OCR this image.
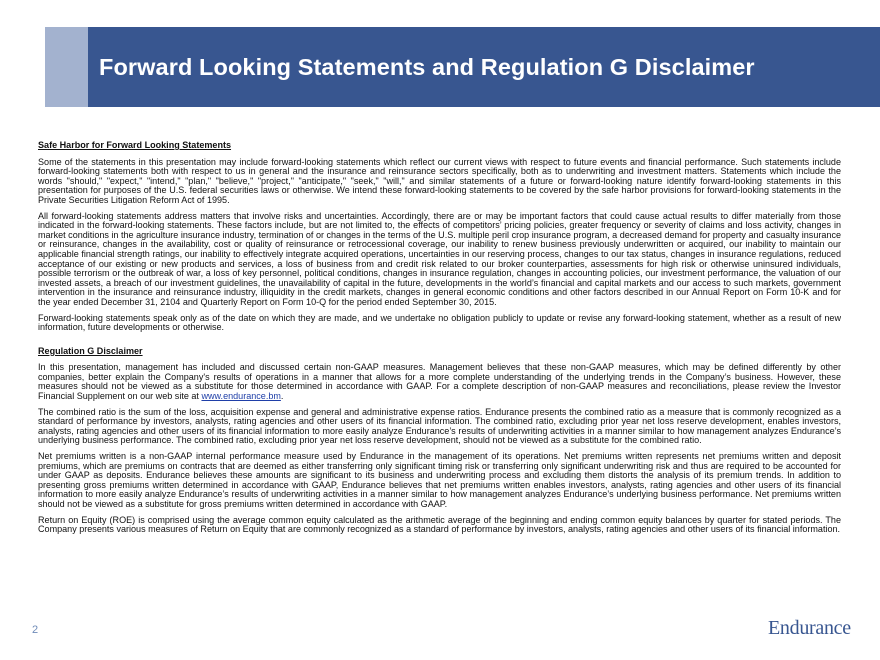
Forward Looking Statements and Regulation G Disclaimer
Safe Harbor for Forward Looking Statements

Some of the statements in this presentation may include forward-looking statements which reflect our current views with respect to future events and financial performance. Such statements include forward-looking statements both with respect to us in general and the insurance and reinsurance sectors specifically, both as to underwriting and investment matters. Statements which include the words "should," "expect," "intend," "plan," "believe," "project," "anticipate," "seek," "will," and similar statements of a future or forward-looking nature identify forward-looking statements in this presentation for purposes of the U.S. federal securities laws or otherwise. We intend these forward-looking statements to be covered by the safe harbor provisions for forward-looking statements in the Private Securities Litigation Reform Act of 1995.

All forward-looking statements address matters that involve risks and uncertainties. Accordingly, there are or may be important factors that could cause actual results to differ materially from those indicated in the forward-looking statements. These factors include, but are not limited to, the effects of competitors’ pricing policies, greater frequency or severity of claims and loss activity, changes in market conditions in the agriculture insurance industry, termination of or changes in the terms of the U.S. multiple peril crop insurance program, a decreased demand for property and casualty insurance or reinsurance, changes in the availability, cost or quality of reinsurance or retrocessional coverage, our inability to renew business previously underwritten or acquired, our inability to maintain our applicable financial strength ratings, our inability to effectively integrate acquired operations, uncertainties in our reserving process, changes to our tax status, changes in insurance regulations, reduced acceptance of our existing or new products and services, a loss of business from and credit risk related to our broker counterparties, assessments for high risk or otherwise uninsured individuals, possible terrorism or the outbreak of war, a loss of key personnel, political conditions, changes in insurance regulation, changes in accounting policies, our investment performance, the valuation of our invested assets, a breach of our investment guidelines, the unavailability of capital in the future, developments in the world’s financial and capital markets and our access to such markets, government intervention in the insurance and reinsurance industry, illiquidity in the credit markets, changes in general economic conditions and other factors described in our Annual Report on Form 10-K and for the year ended December 31, 2104 and Quarterly Report on Form 10-Q for the period ended September 30, 2015.

Forward-looking statements speak only as of the date on which they are made, and we undertake no obligation publicly to update or revise any forward-looking statement, whether as a result of new information, future developments or otherwise.

Regulation G Disclaimer

In this presentation, management has included and discussed certain non-GAAP measures. Management believes that these non-GAAP measures, which may be defined differently by other companies, better explain the Company's results of operations in a manner that allows for a more complete understanding of the underlying trends in the Company’s business. However, these measures should not be viewed as a substitute for those determined in accordance with GAAP. For a complete description of non-GAAP measures and reconciliations, please review the Investor Financial Supplement on our web site at www.endurance.bm.

The combined ratio is the sum of the loss, acquisition expense and general and administrative expense ratios. Endurance presents the combined ratio as a measure that is commonly recognized as a standard of performance by investors, analysts, rating agencies and other users of its financial information. The combined ratio, excluding prior year net loss reserve development, enables investors, analysts, rating agencies and other users of its financial information to more easily analyze Endurance’s results of underwriting activities in a manner similar to how management analyzes Endurance’s underlying business performance. The combined ratio, excluding prior year net loss reserve development, should not be viewed as a substitute for the combined ratio.

Net premiums written is a non-GAAP internal performance measure used by Endurance in the management of its operations. Net premiums written represents net premiums written and deposit premiums, which are premiums on contracts that are deemed as either transferring only significant timing risk or transferring only significant underwriting risk and thus are required to be accounted for under GAAP as deposits. Endurance believes these amounts are significant to its business and underwriting process and excluding them distorts the analysis of its premium trends. In addition to presenting gross premiums written determined in accordance with GAAP, Endurance believes that net premiums written enables investors, analysts, rating agencies and other users of its financial information to more easily analyze Endurance’s results of underwriting activities in a manner similar to how management analyzes Endurance’s underlying business performance. Net premiums written should not be viewed as a substitute for gross premiums written determined in accordance with GAAP.

Return on Equity (ROE) is comprised using the average common equity calculated as the arithmetic average of the beginning and ending common equity balances by quarter for stated periods. The Company presents various measures of Return on Equity that are commonly recognized as a standard of performance by investors, analysts, rating agencies and other users of its financial information.

2	Endurance
